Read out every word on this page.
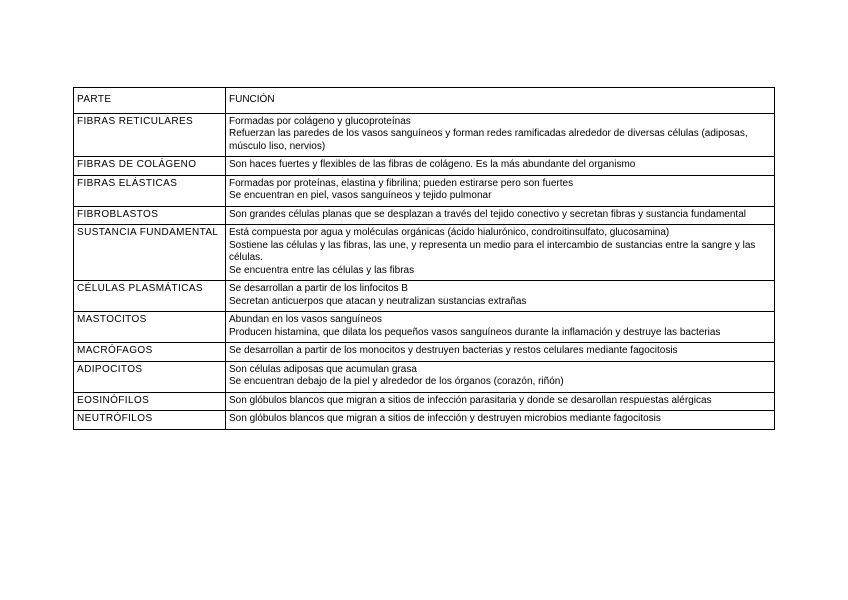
PARTE	FUNCIÓN
FIBRAS RETICULARES	Formadas por colágeno y glucoproteínas
Refuerzan las paredes de los vasos sanguíneos y forman redes ramificadas alrededor de diversas células (adiposas, músculo liso, nervios)

FIBRAS DE COLÁGENO	Son haces fuertes y flexibles de las fibras de colágeno. Es la más abundante del organismo

FIBRAS ELÁSTICAS	Formadas por proteínas, elastina y fibrilina; pueden estirarse pero son fuertes
Se encuentran en piel, vasos sanguíneos y tejido pulmonar

FIBROBLASTOS	Son grandes células planas que se desplazan a través del tejido conectivo y secretan fibras y sustancia fundamental

SUSTANCIA FUNDAMENTAL	Está compuesta por agua y moléculas orgánicas (ácido hialurónico, condroitinsulfato, glucosamina)
Sostiene las células y las fibras, las une, y representa un medio para el intercambio de sustancias entre la sangre y las células.
Se encuentra entre las células y las fibras

CÉLULAS PLASMÁTICAS	Se desarrollan a partir de los linfocitos B
Secretan anticuerpos que atacan y neutralizan sustancias extrañas

MASTOCITOS	Abundan en los vasos sanguíneos
Producen histamina, que dilata los pequeños vasos sanguíneos durante la inflamación y destruye las bacterias

MACRÓFAGOS	Se desarrollan a partir de los monocitos y destruyen bacterias y restos celulares mediante fagocitosis

ADIPOCITOS	Son células adiposas que acumulan grasa
Se encuentran debajo de la piel y alrededor de los órganos (corazón, riñón)

EOSINÓFILOS	Son glóbulos blancos que migran a sitios de infección parasitaria y donde se desarollan respuestas alérgicas

NEUTRÓFILOS	Son glóbulos blancos que migran a sitios de infección y destruyen microbios mediante fagocitosis
